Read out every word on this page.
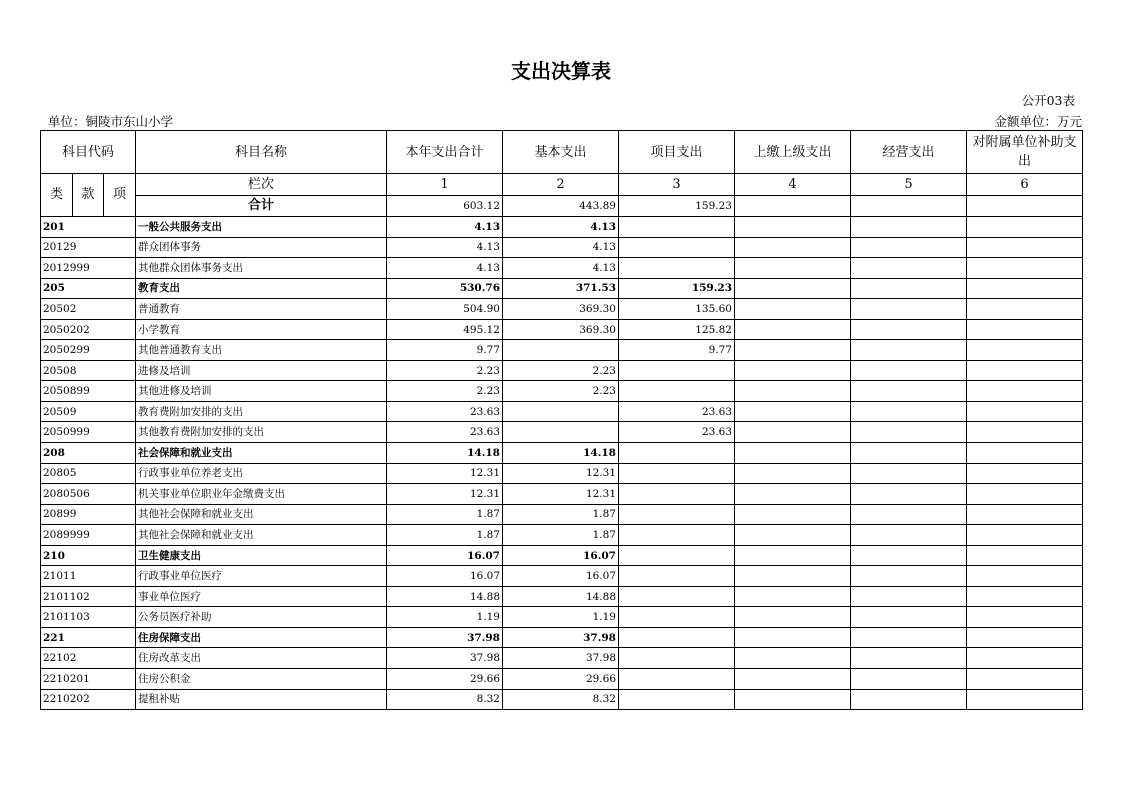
支出决算表
公开03表
单位：铜陵市东山小学	金额单位：万元
科目代码			科目名称	本年支出合计	基本支出	项目支出	上缴上级支出	经营支出	对附属单位补助支出
类	款	项	栏次	1	2	3	4	5	6
			合计	603.12	443.89	159.23			
201			一般公共服务支出	4.13	4.13				
20129			群众团体事务	4.13	4.13				
2012999			其他群众团体事务支出	4.13	4.13				
205			教育支出	530.76	371.53	159.23			
20502			普通教育	504.90	369.30	135.60			
2050202			小学教育	495.12	369.30	125.82			
2050299			其他普通教育支出	9.77		9.77			
20508			进修及培训	2.23	2.23				
2050899			其他进修及培训	2.23	2.23				
20509			教育费附加安排的支出	23.63		23.63			
2050999			其他教育费附加安排的支出	23.63		23.63			
208			社会保障和就业支出	14.18	14.18				
20805			行政事业单位养老支出	12.31	12.31				
2080506			机关事业单位职业年金缴费支出	12.31	12.31				
20899			其他社会保障和就业支出	1.87	1.87				
2089999			其他社会保障和就业支出	1.87	1.87				
210			卫生健康支出	16.07	16.07				
21011			行政事业单位医疗	16.07	16.07				
2101102			事业单位医疗	14.88	14.88				
2101103			公务员医疗补助	1.19	1.19				
221			住房保障支出	37.98	37.98				
22102			住房改革支出	37.98	37.98				
2210201			住房公积金	29.66	29.66				
2210202			提租补贴	8.32	8.32				
